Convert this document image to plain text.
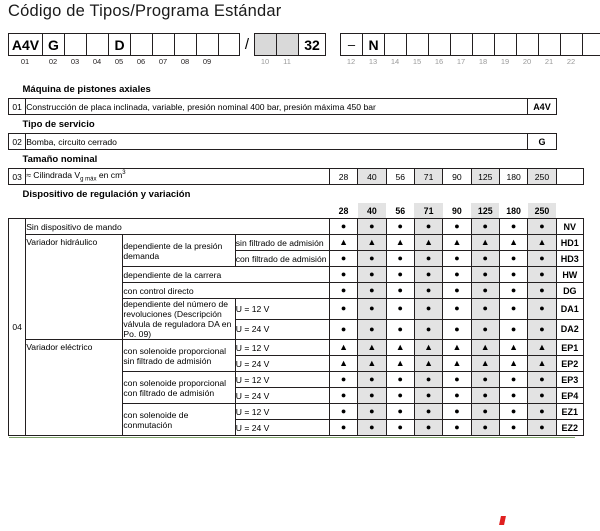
Código de Tipos/Programa Estándar
A4V G	D	/	32	– N
01	02	03	04	05	06	07	08	09	10	11	12	13	14	15	16	17	18	19	20	21	22
Máquina de pistones axiales												
01	Construcción de placa inclinada, variable, presión nominal 400 bar, presión máxima 450 bar										A4V	
Tipo de servicio												
02	Bomba, circuito cerrado										G	
Tamaño nominal												
03	≈ Cilindrada $V_{g máx}$ en $cm^3$			28	40	56	71	90	125	180	250	
Dispositivo de regulación y variación												
				28	40	56	71	90	125	180	250	
04	Sin dispositivo de mando			●	●	●	●	●	●	●	●	NV
	Variador hidráulico	dependiente de la presión demanda	sin filtrado de admisión	▲	▲	▲	▲	▲	▲	▲	▲	HD1
			con filtrado de admisión	●	●	●	●	●	●	●	●	HD3
		dependiente de la carrera		●	●	●	●	●	●	●	●	HW
		con control directo		●	●	●	●	●	●	●	●	DG
		dependiente del número de revoluciones (Descripción válvula de reguladora DA en Po. 09)	U = 12 V	●	●	●	●	●	●	●	●	DA1
			U = 24 V	●	●	●	●	●	●	●	●	DA2
	Variador eléctrico	con solenoide proporcional sin filtrado de admisión	U = 12 V	▲	▲	▲	▲	▲	▲	▲	▲	EP1
			U = 24 V	▲	▲	▲	▲	▲	▲	▲	▲	EP2
		con solenoide proporcional con filtrado de admisión	U = 12 V	●	●	●	●	●	●	●	●	EP3
			U = 24 V	●	●	●	●	●	●	●	●	EP4
		con solenoide de conmutación	U = 12 V	●	●	●	●	●	●	●	●	EZ1
			U = 24 V	●	●	●	●	●	●	●	●	EZ2
